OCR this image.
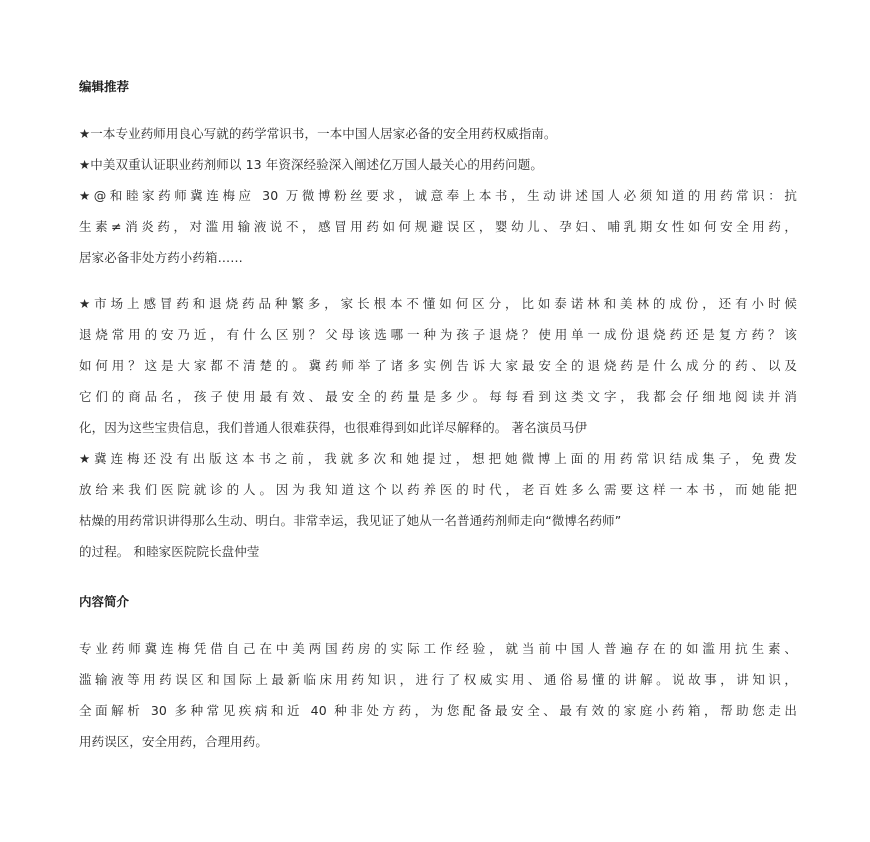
编辑推荐
★一本专业药师用良心写就的药学常识书，一本中国人居家必备的安全用药权威指南。
★中美双重认证职业药剂师以 13 年资深经验深入阐述亿万国人最关心的用药问题。
★@和睦家药师冀连梅应 30 万微博粉丝要求，诚意奉上本书，生动讲述国人必须知道的用药常识：抗
生素≠消炎药，对滥用输液说不，感冒用药如何规避误区，婴幼儿、孕妇、哺乳期女性如何安全用药，
居家必备非处方药小药箱……
★市场上感冒药和退烧药品种繁多，家长根本不懂如何区分，比如泰诺林和美林的成份，还有小时候
退烧常用的安乃近，有什么区别？父母该选哪一种为孩子退烧？使用单一成份退烧药还是复方药？该
如何用？这是大家都不清楚的。冀药师举了诸多实例告诉大家最安全的退烧药是什么成分的药、以及
它们的商品名，孩子使用最有效、最安全的药量是多少。每每看到这类文字，我都会仔细地阅读并消
化，因为这些宝贵信息，我们普通人很难获得，也很难得到如此详尽解释的。 著名演员马伊
★冀连梅还没有出版这本书之前，我就多次和她提过，想把她微博上面的用药常识结成集子，免费发
放给来我们医院就诊的人。因为我知道这个以药养医的时代，老百姓多么需要这样一本书，而她能把
枯燥的用药常识讲得那么生动、明白。非常幸运，我见证了她从一名普通药剂师走向“微博名药师”
的过程。 和睦家医院院长盘仲莹
内容简介
专业药师冀连梅凭借自己在中美两国药房的实际工作经验，就当前中国人普遍存在的如滥用抗生素、
滥输液等用药误区和国际上最新临床用药知识，进行了权威实用、通俗易懂的讲解。说故事，讲知识，
全面解析 30 多种常见疾病和近 40 种非处方药，为您配备最安全、最有效的家庭小药箱，帮助您走出
用药误区，安全用药，合理用药。
